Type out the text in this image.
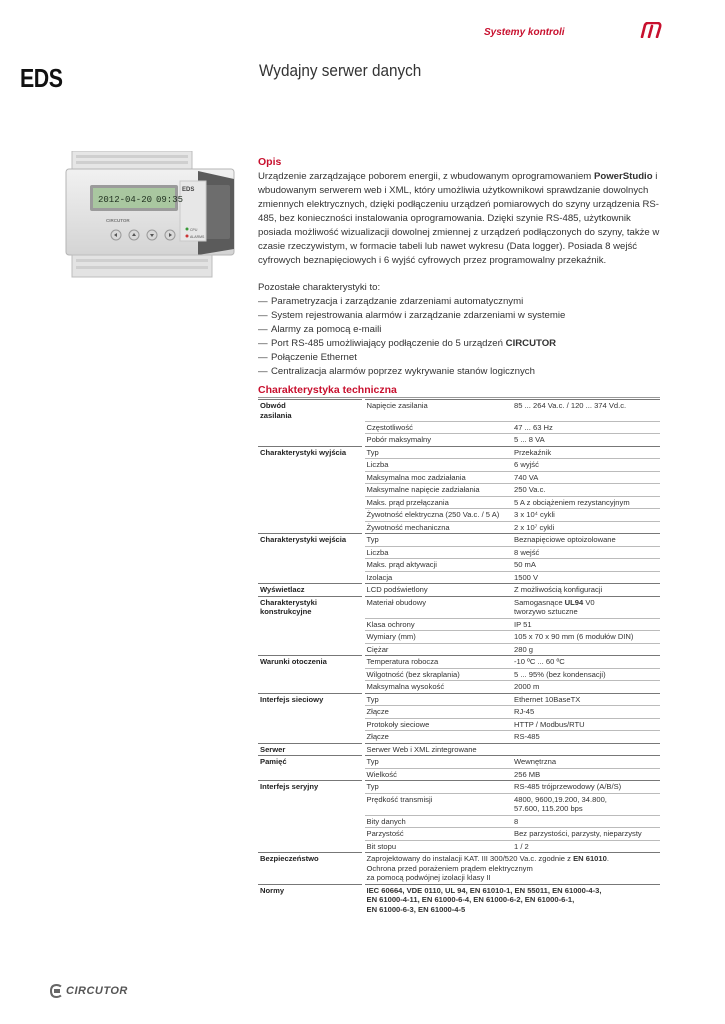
Systemy kontroli
EDS	Wydajny serwer danych
EDS
CPU
ALARMS
2012-04-20 09:35
CIRCUTOR
Opis

Urządzenie zarządzające poborem energii, z wbudowanym oprogramowaniem PowerStudio i wbudowanym serwerem web i XML, który umożliwia użytkownikowi sprawdzanie dowolnych zmiennych elektrycznych, dzięki podłączeniu urządzeń pomiarowych do szyny urządzenia RS-485, bez konieczności instalowania oprogramowania. Dzięki szynie RS-485, użytkownik posiada możliwość wizualizacji dowolnej zmiennej z urządzeń podłączonych do szyny, także w czasie rzeczywistym, w formacie tabeli lub nawet wykresu (Data logger). Posiada 8 wejść cyfrowych beznapięciowych i 6 wyjść cyfrowych przez programowalny przekaźnik.

Pozostałe charakterystyki to:

— Parametryzacja i zarządzanie zdarzeniami automatycznymi
— System rejestrowania alarmów i zarządzanie zdarzeniami w systemie
— Alarmy za pomocą e-maili
— Port RS-485 umożliwiający podłączenie do 5 urządzeń CIRCUTOR
— Połączenie Ethernet
— Centralizacja alarmów poprzez wykrywanie stanów logicznych
Charakterystyka techniczna
Obwód
zasilania	Napięcie zasilania	85 ... 264 Va.c. / 120 ... 374 Vd.c.
	Częstotliwość	47 ... 63 Hz
	Pobór maksymalny	5 ... 8 VA
Charakterystyki wyjścia	Typ	Przekaźnik
	Liczba	6 wyjść
	Maksymalna moc zadziałania	740 VA
	Maksymalne napięcie zadziałania	250 Va.c.
	Maks. prąd przełączania	5 A z obciążeniem rezystancyjnym
	Żywotność elektryczna (250 Va.c. / 5 A)	3 x 10⁴ cykli
	Żywotność mechaniczna	2 x 10⁷ cykli
Charakterystyki wejścia	Typ	Beznapięciowe optoizolowane
	Liczba	8 wejść
	Maks. prąd aktywacji	50 mA
	Izolacja	1500 V
Wyświetlacz	LCD podświetlony	Z możliwością konfiguracji
Charakterystyki
konstrukcyjne	Materiał obudowy	Samogasnące UL94 V0
tworzywo sztuczne
	Klasa ochrony	IP 51
	Wymiary (mm)	105 x 70 x 90 mm (6 modułów DIN)
	Ciężar	280 g
Warunki otoczenia	Temperatura robocza	-10 ºC ... 60 ºC
	Wilgotność (bez skraplania)	5 ... 95% (bez kondensacji)
	Maksymalna wysokość	2000 m
Interfejs sieciowy	Typ	Ethernet 10BaseTX
	Złącze	RJ-45
	Protokoły sieciowe	HTTP / Modbus/RTU
	Złącze	RS-485
Serwer	Serwer Web i XML zintegrowane	
Pamięć	Typ	Wewnętrzna
	Wielkość	256 MB
Interfejs seryjny	Typ	RS-485 trójprzewodowy (A/B/S)
	Prędkość transmisji	4800, 9600,19.200, 34.800,
57.600, 115.200 bps
	Bity danych	8
	Parzystość	Bez parzystości, parzysty, nieparzysty
	Bit stopu	1 / 2
Bezpieczeństwo	Zaprojektowany do instalacji KAT. III 300/520 Va.c. zgodnie z EN 61010.
Ochrona przed porażeniem prądem elektrycznym
za pomocą podwójnej izolacji klasy II	
Normy	IEC 60664, VDE 0110, UL 94, EN 61010-1, EN 55011, EN 61000-4-3,
EN 61000-4-11, EN 61000-6-4, EN 61000-6-2, EN 61000-6-1,
EN 61000-6-3, EN 61000-4-5	
CIRCUTOR
